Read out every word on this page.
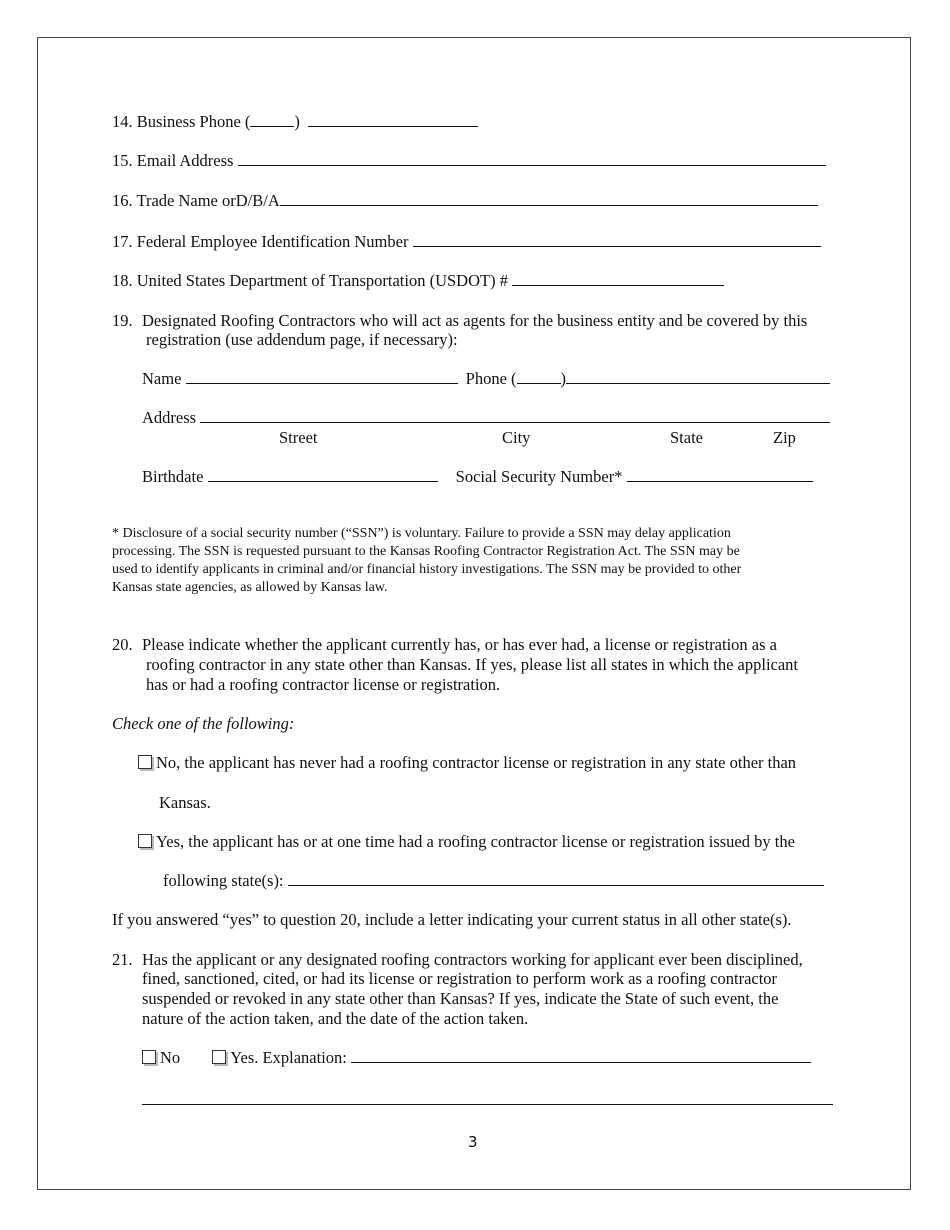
14. Business Phone (	)
15. Email Address
16. Trade Name orD/B/A
17. Federal Employee Identification Number
18. United States Department of Transportation (USDOT) #
19. Designated Roofing Contractors who will act as agents for the business entity and be covered by this
registration (use addendum page, if necessary):
Name	Phone (	)
Address
Street	City	State	Zip
Birthdate	Social Security Number*
* Disclosure of a social security number (“SSN”) is voluntary. Failure to provide a SSN may delay application
processing. The SSN is requested pursuant to the Kansas Roofing Contractor Registration Act. The SSN may be
used to identify applicants in criminal and/or financial history investigations. The SSN may be provided to other
Kansas state agencies, as allowed by Kansas law.
20. Please indicate whether the applicant currently has, or has ever had, a license or registration as a
roofing contractor in any state other than Kansas. If yes, please list all states in which the applicant
has or had a roofing contractor license or registration.
Check one of the following:
No, the applicant has never had a roofing contractor license or registration in any state other than
Kansas.
Yes, the applicant has or at one time had a roofing contractor license or registration issued by the
following state(s):
If you answered “yes” to question 20, include a letter indicating your current status in all other state(s).
21. Has the applicant or any designated roofing contractors working for applicant ever been disciplined,
fined, sanctioned, cited, or had its license or registration to perform work as a roofing contractor
suspended or revoked in any state other than Kansas? If yes, indicate the State of such event, the
nature of the action taken, and the date of the action taken.
No	Yes. Explanation:
3
